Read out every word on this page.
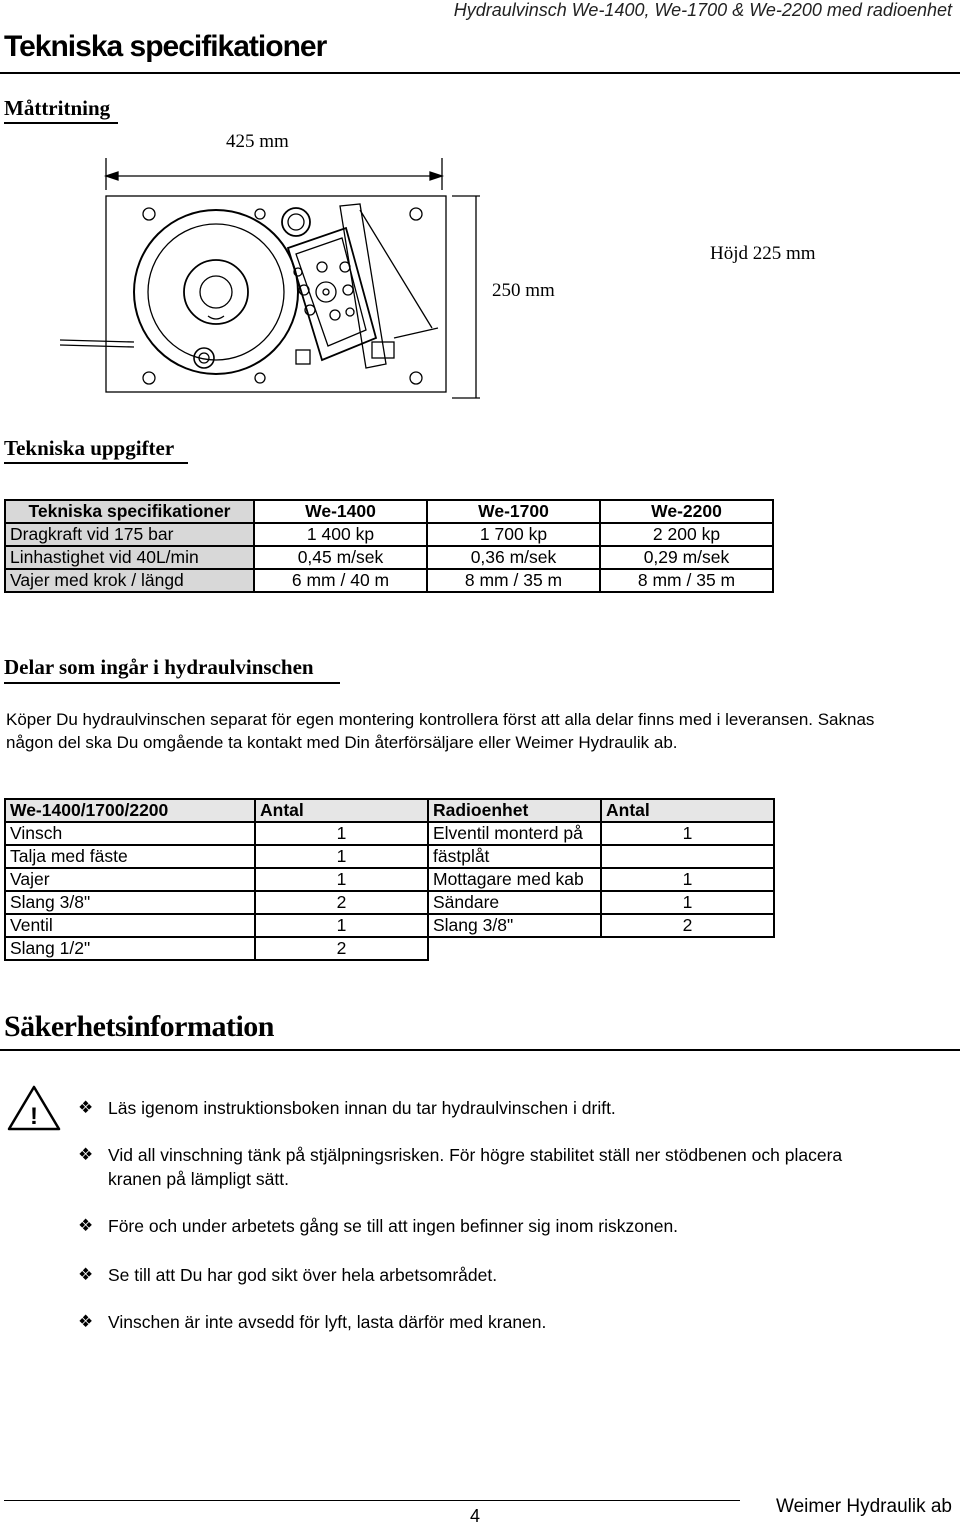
Hydraulvinsch We-1400, We-1700 & We-2200 med radioenhet
Tekniska specifikationer
Måttritning
425 mm
250 mm
Höjd 225 mm
Tekniska uppgifter
Tekniska specifikationer	We-1400	We-1700	We-2200
Dragkraft vid 175 bar	1 400 kp	1 700 kp	2 200 kp
Linhastighet vid 40L/min	0,45 m/sek	0,36 m/sek	0,29 m/sek
Vajer med krok / längd	6 mm / 40 m	8 mm / 35 m	8 mm / 35 m
Delar som ingår i hydraulvinschen
Köper Du hydraulvinschen separat för egen montering kontrollera först att alla delar finns med i leveransen. Saknas
någon del ska Du omgående ta kontakt med Din återförsäljare eller Weimer Hydraulik ab.
We-1400/1700/2200	Antal	Radioenhet	Antal
Vinsch	1	Elventil monterd på	1
Talja med fäste	1	fästplåt	
Vajer	1	Mottagare med kab	1
Slang 3/8"	2	Sändare	1
Ventil	1	Slang 3/8"	2
Slang 1/2"	2		
Säkerhetsinformation
! ❖ Läs igenom instruktionsboken innan du tar hydraulvinschen i drift.
❖ Vid all vinschning tänk på stjälpningsrisken. För högre stabilitet ställ ner stödbenen och placera kranen på lämpligt sätt.
❖ Före och under arbetets gång se till att ingen befinner sig inom riskzonen.
❖ Se till att Du har god sikt över hela arbetsområdet.
❖ Vinschen är inte avsedd för lyft, lasta därför med kranen.
4	Weimer Hydraulik ab
